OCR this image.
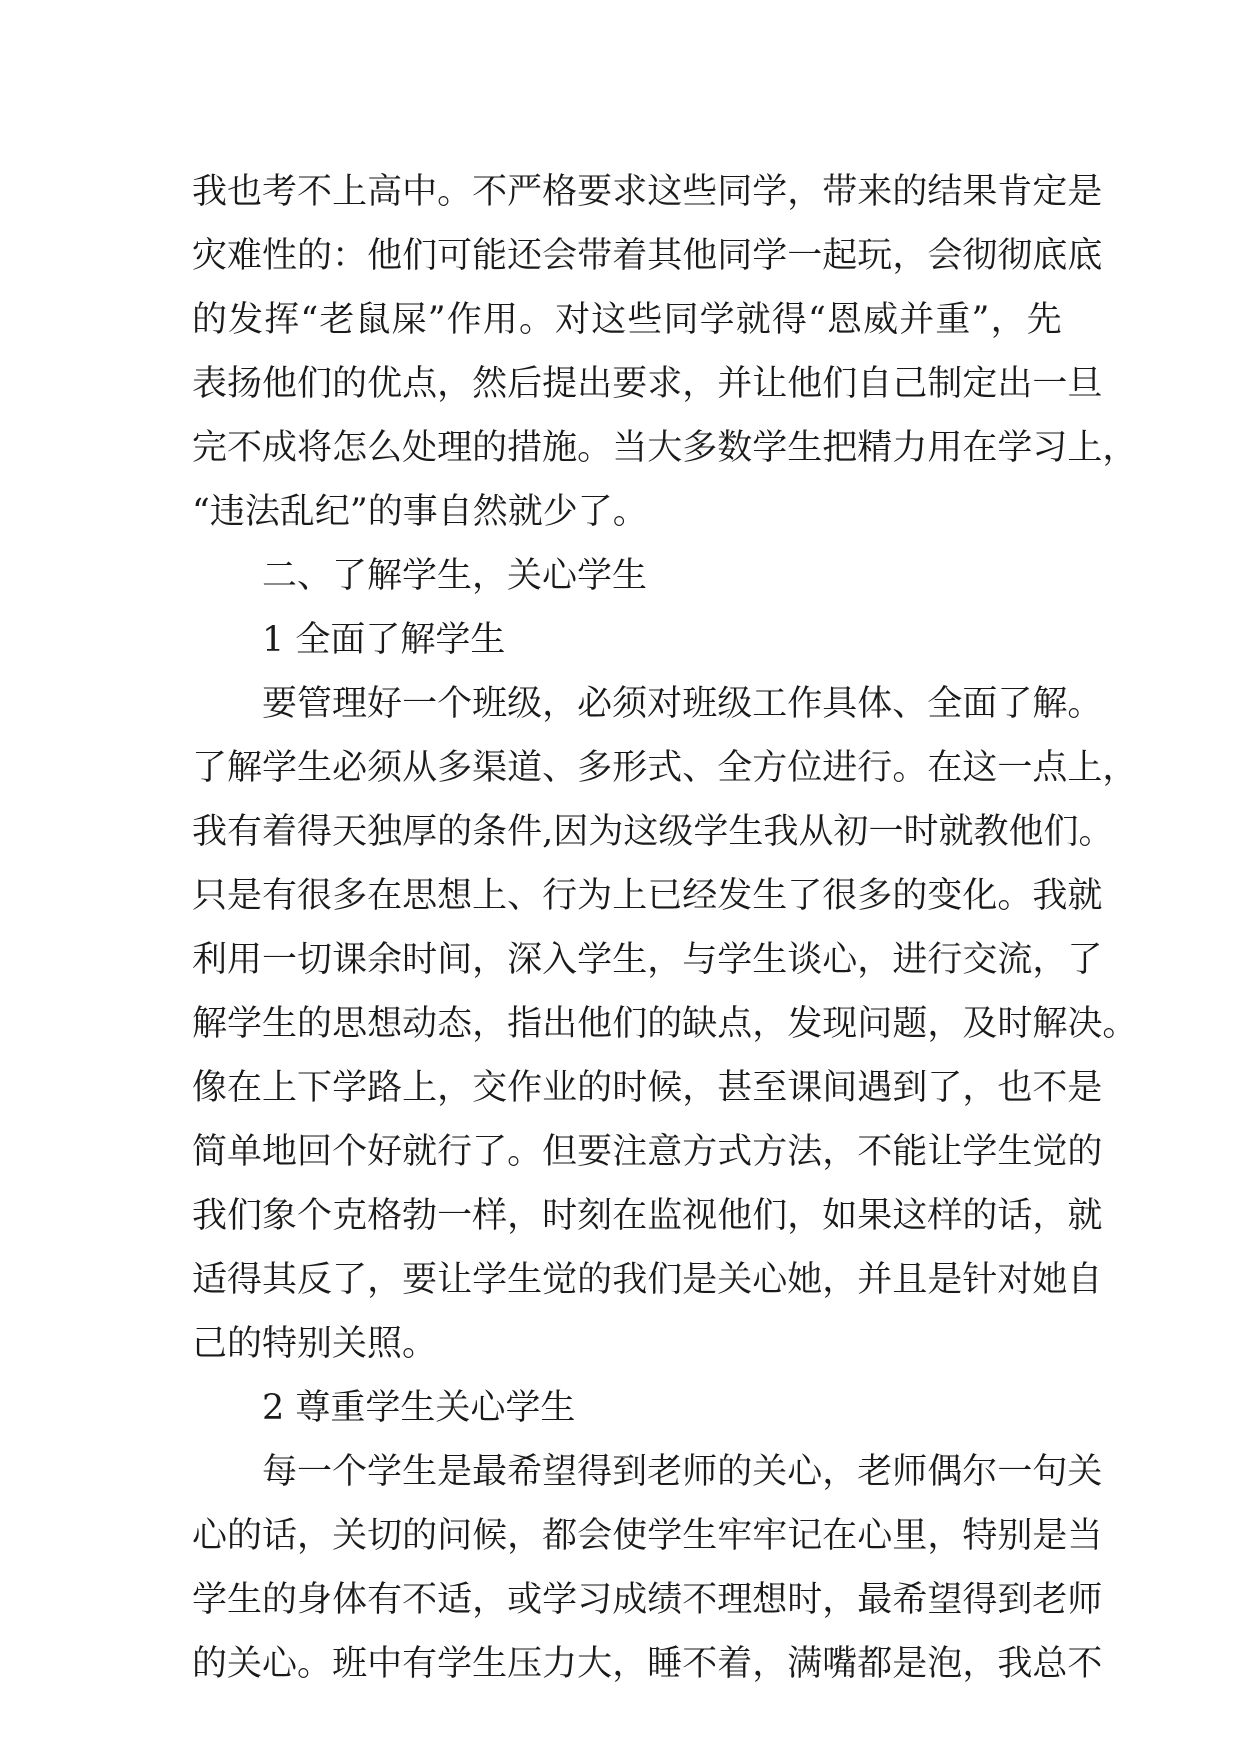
我 也 考 不 上 高 中 。 不 严 格 要 求 这 些 同 学 ， 带 来 的 结 果 肯 定 是
灾 难 性 的 ： 他 们 可 能 还 会 带 着 其 他 同 学 一 起 玩 ， 会 彻 彻 底 底
的 发 挥 “ 老 鼠 屎 ” 作 用 。 对 这 些 同 学 就 得 “ 恩 威 并 重 ” ， 先
表 扬 他 们 的 优 点 ， 然 后 提 出 要 求 ， 并 让 他 们 自 己 制 定 出 一 旦
完 不 成 将 怎 么 处 理 的 措 施 。 当 大 多 数 学 生 把 精 力 用 在 学 习 上 ，
“违法乱纪”的事自然就少了。
二、了解学生，关心学生
1 全面了解学生
要 管 理 好 一 个 班 级 ， 必 须 对 班 级 工 作 具 体 、 全 面 了 解 。
了 解 学 生 必 须 从 多 渠 道 、 多 形 式 、 全 方 位 进 行 。 在 这 一 点 上 ，
我 有 着 得 天 独 厚 的 条 件 , 因 为 这 级 学 生 我 从 初 一 时 就 教 他 们 。
只 是 有 很 多 在 思 想 上 、 行 为 上 已 经 发 生 了 很 多 的 变 化 。 我 就
利 用 一 切 课 余 时 间 ， 深 入 学 生 ， 与 学 生 谈 心 ， 进 行 交 流 ， 了
解 学 生 的 思 想 动 态 ， 指 出 他 们 的 缺 点 ， 发 现 问 题 ， 及 时 解 决 。
像 在 上 下 学 路 上 ， 交 作 业 的 时 候 ， 甚 至 课 间 遇 到 了 ， 也 不 是
简 单 地 回 个 好 就 行 了 。 但 要 注 意 方 式 方 法 ， 不 能 让 学 生 觉 的
我 们 象 个 克 格 勃 一 样 ， 时 刻 在 监 视 他 们 ， 如 果 这 样 的 话 ， 就
适 得 其 反 了 ， 要 让 学 生 觉 的 我 们 是 关 心 她 ， 并 且 是 针 对 她 自
己的特别关照。
2 尊重学生关心学生
每 一 个 学 生 是 最 希 望 得 到 老 师 的 关 心 ， 老 师 偶 尔 一 句 关
心 的 话 ， 关 切 的 问 候 ， 都 会 使 学 生 牢 牢 记 在 心 里 ， 特 别 是 当
学 生 的 身 体 有 不 适 ， 或 学 习 成 绩 不 理 想 时 ， 最 希 望 得 到 老 师
的 关 心 。 班 中 有 学 生 压 力 大 ， 睡 不 着 ， 满 嘴 都 是 泡 ， 我 总 不
